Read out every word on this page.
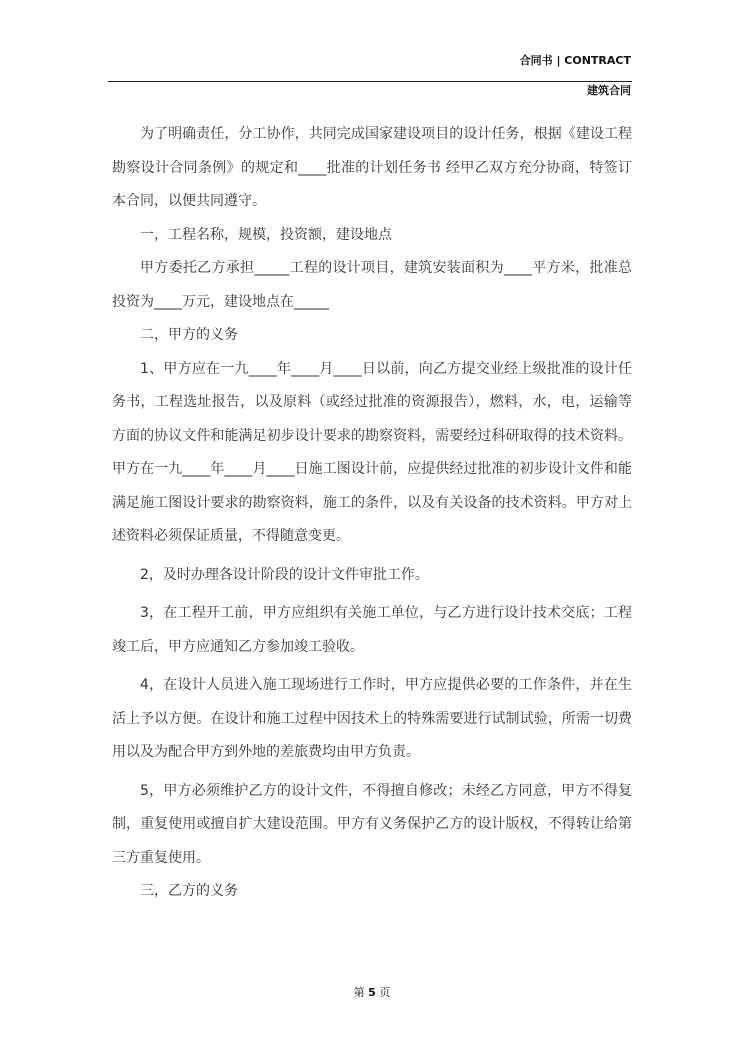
合同书 | CONTRACT
建筑合同

为了明确责任，分工协作，共同完成国家建设项目的设计任务，根据《建设工程勘察设计合同条例》的规定和____批准的计划任务书 经甲乙双方充分协商，特签订本合同，以便共同遵守。

一，工程名称，规模，投资额，建设地点

甲方委托乙方承担_____工程的设计项目，建筑安装面积为____平方米，批准总投资为____万元，建设地点在_____

二，甲方的义务

1、甲方应在一九____年____月____日以前，向乙方提交业经上级批准的设计任务书，工程选址报告，以及原料（或经过批准的资源报告），燃料，水，电，运输等方面的协议文件和能满足初步设计要求的勘察资料，需要经过科研取得的技术资料。甲方在一九____年____月____日施工图设计前，应提供经过批准的初步设计文件和能满足施工图设计要求的勘察资料，施工的条件，以及有关设备的技术资料。甲方对上述资料必须保证质量，不得随意变更。

2，及时办理各设计阶段的设计文件审批工作。

3，在工程开工前，甲方应组织有关施工单位，与乙方进行设计技术交底；工程竣工后，甲方应通知乙方参加竣工验收。

4，在设计人员进入施工现场进行工作时，甲方应提供必要的工作条件，并在生活上予以方便。在设计和施工过程中因技术上的特殊需要进行试制试验，所需一切费用以及为配合甲方到外地的差旅费均由甲方负责。

5，甲方必须维护乙方的设计文件，不得擅自修改；未经乙方同意，甲方不得复制，重复使用或擅自扩大建设范围。甲方有义务保护乙方的设计版权，不得转让给第三方重复使用。

三，乙方的义务

第 5 页
